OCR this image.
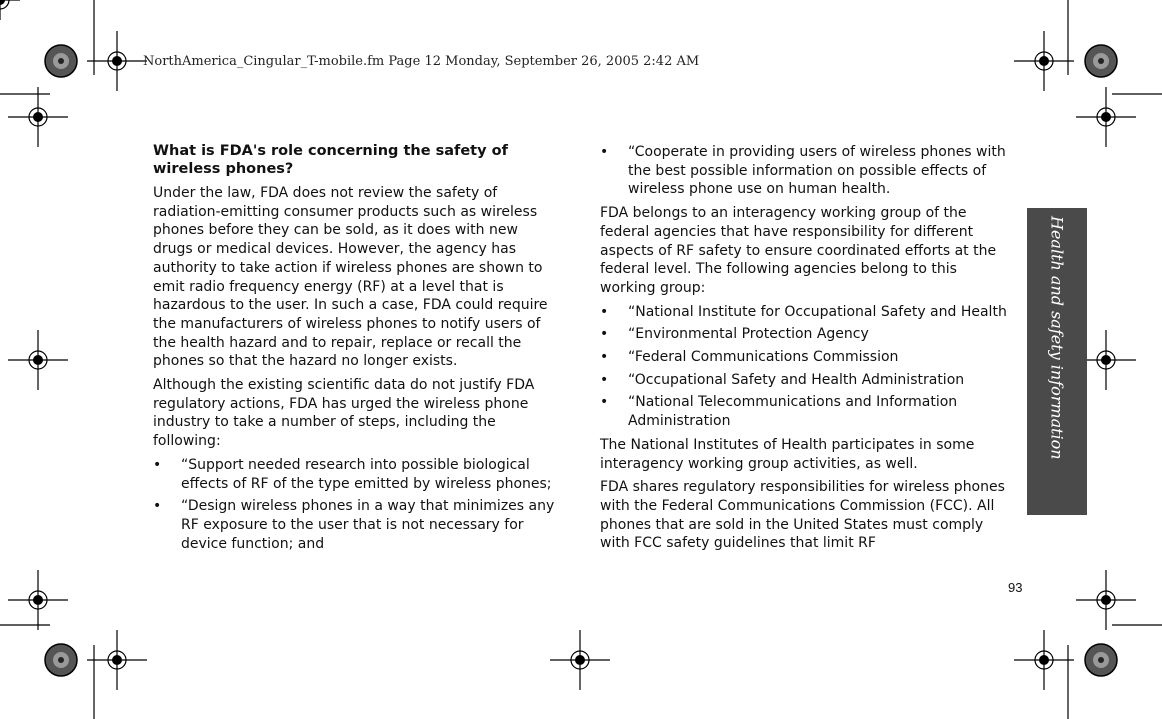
NorthAmerica_Cingular_T-mobile.fm Page 12 Monday, September 26, 2005 2:42 AM
What is FDA's role concerning the safety of wireless phones?

Under the law, FDA does not review the safety of radiation-emitting consumer products such as wireless phones before they can be sold, as it does with new drugs or medical devices. However, the agency has authority to take action if wireless phones are shown to emit radio frequency energy (RF) at a level that is hazardous to the user. In such a case, FDA could require the manufacturers of wireless phones to notify users of the health hazard and to repair, replace or recall the phones so that the hazard no longer exists.

Although the existing scientific data do not justify FDA regulatory actions, FDA has urged the wireless phone industry to take a number of steps, including the following:

• “Support needed research into possible biological effects of RF of the type emitted by wireless phones;
• “Design wireless phones in a way that minimizes any RF exposure to the user that is not necessary for device function; and
• “Cooperate in providing users of wireless phones with the best possible information on possible effects of wireless phone use on human health.

FDA belongs to an interagency working group of the federal agencies that have responsibility for different aspects of RF safety to ensure coordinated efforts at the federal level. The following agencies belong to this working group:

• “National Institute for Occupational Safety and Health
• “Environmental Protection Agency
• “Federal Communications Commission
• “Occupational Safety and Health Administration
• “National Telecommunications and Information Administration

The National Institutes of Health participates in some interagency working group activities, as well.

FDA shares regulatory responsibilities for wireless phones with the Federal Communications Commission (FCC). All phones that are sold in the United States must comply with FCC safety guidelines that limit RF

Health and safety information
93
